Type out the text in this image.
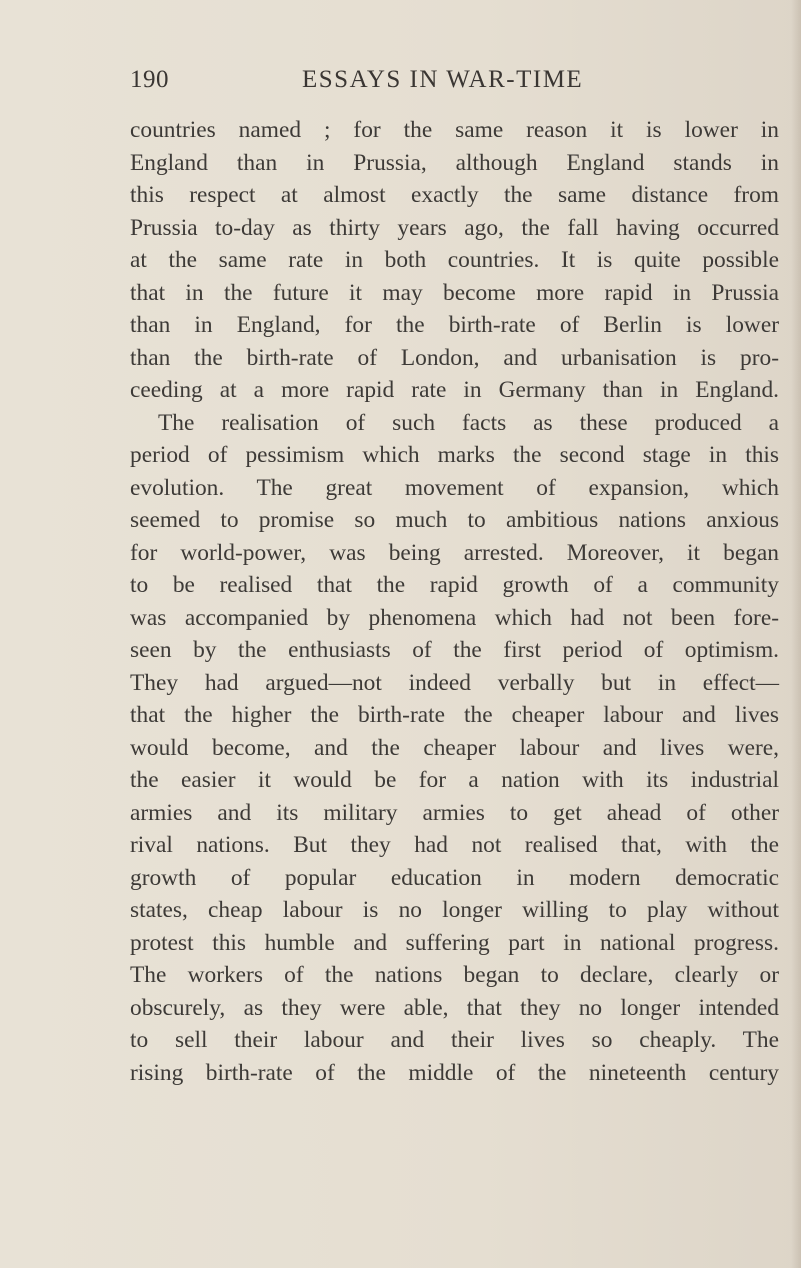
190	ESSAYS IN WAR-TIME
countries named ; for the same reason it is lower in
England than in Prussia, although England stands in
this respect at almost exactly the same distance from
Prussia to-day as thirty years ago, the fall having occurred
at the same rate in both countries. It is quite possible
that in the future it may become more rapid in Prussia
than in England, for the birth-rate of Berlin is lower
than the birth-rate of London, and urbanisation is pro-
ceeding at a more rapid rate in Germany than in England.
The realisation of such facts as these produced a
period of pessimism which marks the second stage in this
evolution. The great movement of expansion, which
seemed to promise so much to ambitious nations anxious
for world-power, was being arrested. Moreover, it began
to be realised that the rapid growth of a community
was accompanied by phenomena which had not been fore-
seen by the enthusiasts of the first period of optimism.
They had argued—not indeed verbally but in effect—
that the higher the birth-rate the cheaper labour and lives
would become, and the cheaper labour and lives were,
the easier it would be for a nation with its industrial
armies and its military armies to get ahead of other
rival nations. But they had not realised that, with the
growth of popular education in modern democratic
states, cheap labour is no longer willing to play without
protest this humble and suffering part in national progress.
The workers of the nations began to declare, clearly or
obscurely, as they were able, that they no longer intended
to sell their labour and their lives so cheaply. The
rising birth-rate of the middle of the nineteenth century
